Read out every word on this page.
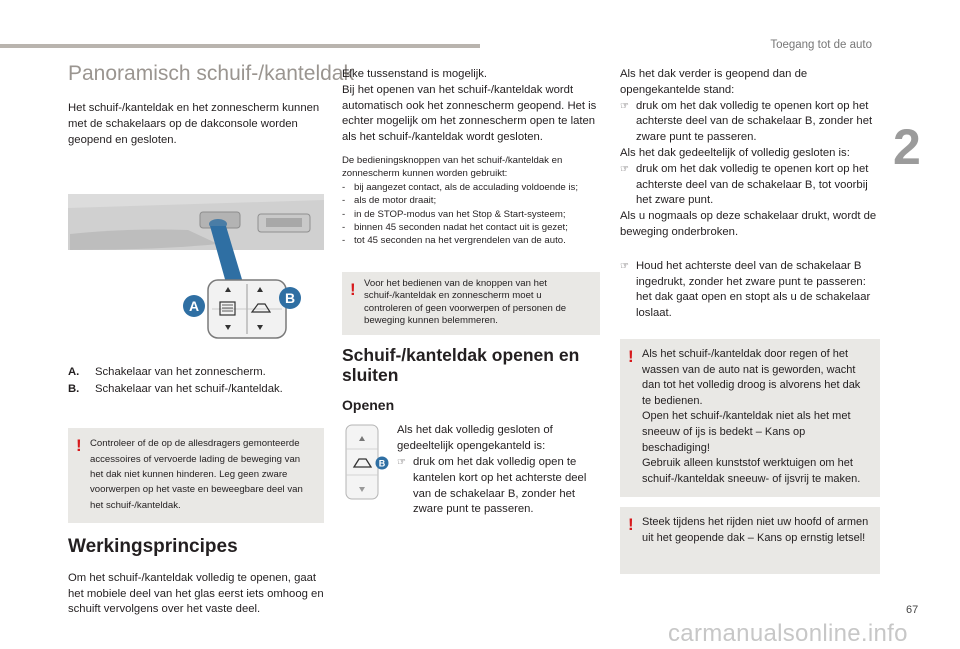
Toegang tot de auto
2
Panoramisch schuif-/kanteldak

Het schuif-/kanteldak en het zonnescherm kunnen met de schakelaars op de dakconsole worden geopend en gesloten.

A	B
A.	Schakelaar van het zonnescherm.
B.	Schakelaar van het schuif-/kanteldak.
! Controleer of de op de allesdragers gemonteerde accessoires of vervoerde lading de beweging van het dak niet kunnen hinderen. Leg geen zware voorwerpen op het vaste en beweegbare deel van het schuif-/kanteldak.

Werkingsprincipes

Om het schuif-/kanteldak volledig te openen, gaat het mobiele deel van het glas eerst iets omhoog en schuift vervolgens over het vaste deel.

Elke tussenstand is mogelijk.

Bij het openen van het schuif-/kanteldak wordt automatisch ook het zonnescherm geopend. Het is echter mogelijk om het zonnescherm open te laten als het schuif-/kanteldak wordt gesloten.

De bedieningsknoppen van het schuif-/kanteldak en zonnescherm kunnen worden gebruikt:

- bij aangezet contact, als de acculading voldoende is;
- als de motor draait;
- in de STOP-modus van het Stop & Start-systeem;
- binnen 45 seconden nadat het contact uit is gezet;
- tot 45 seconden na het vergrendelen van de auto.
! Voor het bedienen van de knoppen van het schuif-/kanteldak en zonnescherm moet u controleren of geen voorwerpen of personen de beweging kunnen belemmeren.

Schuif-/kanteldak openen en sluiten
Openen
B

Als het dak volledig gesloten of gedeeltelijk opengekanteld is:

☞ druk om het dak volledig open te kantelen kort op het achterste deel van de schakelaar B, zonder het zware punt te passeren.

Als het dak verder is geopend dan de opengekantelde stand:

☞ druk om het dak volledig te openen kort op het achterste deel van de schakelaar B, zonder het zware punt te passeren.

Als het dak gedeeltelijk of volledig gesloten is:

☞ druk om het dak volledig te openen kort op het achterste deel van de schakelaar B, tot voorbij het zware punt.

Als u nogmaals op deze schakelaar drukt, wordt de beweging onderbroken.

☞ Houd het achterste deel van de schakelaar B ingedrukt, zonder het zware punt te passeren: het dak gaat open en stopt als u de schakelaar loslaat.
! Als het schuif-/kanteldak door regen of het wassen van de auto nat is geworden, wacht dan tot het volledig droog is alvorens het dak te bedienen.
Open het schuif-/kanteldak niet als het met sneeuw of ijs is bedekt – Kans op beschadiging!
Gebruik alleen kunststof werktuigen om het schuif-/kanteldak sneeuw- of ijsvrij te maken.

! Steek tijdens het rijden niet uw hoofd of armen uit het geopende dak – Kans op ernstig letsel!

67
carmanualsonline.info
